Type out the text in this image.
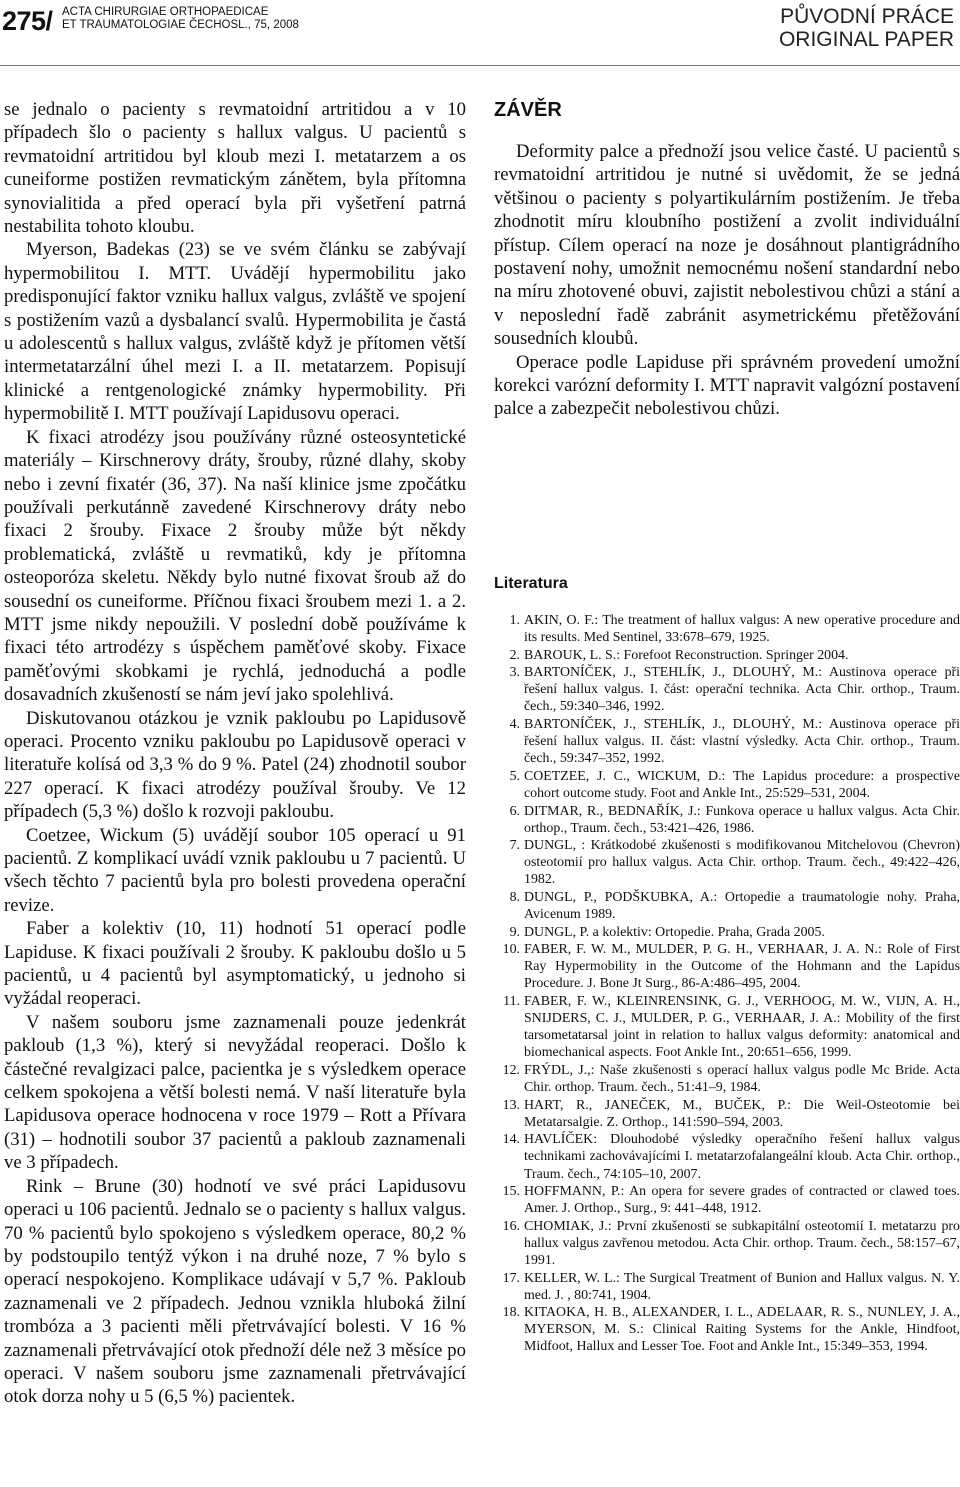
275/ ACTA CHIRURGIAE ORTHOPAEDICAE
ET TRAUMATOLOGIAE ČECHOSL., 75, 2008	PŮVODNÍ PRÁCE
ORIGINAL PAPER

se jednalo o pacienty s revmatoidní artritidou a v 10 případech šlo o pacienty s hallux valgus. U pacientů s revmatoidní artritidou byl kloub mezi I. metatarzem a os cuneiforme postižen revmatickým zánětem, byla přítomna synovialitida a před operací byla při vyšetření patrná nestabilita tohoto kloubu.

Myerson, Badekas (23) se ve svém článku se zabývají hypermobilitou I. MTT. Uvádějí hypermobilitu jako predisponující faktor vzniku hallux valgus, zvláště ve spojení s postižením vazů a dysbalancí svalů. Hypermobilita je častá u adolescentů s hallux valgus, zvláště když je přítomen větší intermetatarzální úhel mezi I. a II. metatarzem. Popisují klinické a rentgenologické známky hypermobility. Při hypermobilitě I. MTT používají Lapidusovu operaci.

K fixaci atrodézy jsou používány různé osteosyntetické materiály – Kirschnerovy dráty, šrouby, různé dlahy, skoby nebo i zevní fixatér (36, 37). Na naší klinice jsme zpočátku používali perkutánně zavedené Kirschnerovy dráty nebo fixaci 2 šrouby. Fixace 2 šrouby může být někdy problematická, zvláště u revmatiků, kdy je přítomna osteoporóza skeletu. Někdy bylo nutné fixovat šroub až do sousední os cuneiforme. Příčnou fixaci šroubem mezi 1. a 2. MTT jsme nikdy nepoužili. V poslední době používáme k fixaci této artrodézy s úspěchem paměťové skoby. Fixace paměťovými skobkami je rychlá, jednoduchá a podle dosavadních zkušeností se nám jeví jako spolehlivá.

Diskutovanou otázkou je vznik pakloubu po Lapidusově operaci. Procento vzniku pakloubu po Lapidusově operaci v literatuře kolísá od 3,3 % do 9 %. Patel (24) zhodnotil soubor 227 operací. K fixaci atrodézy používal šrouby. Ve 12 případech (5,3 %) došlo k rozvoji pakloubu.

Coetzee, Wickum (5) uvádějí soubor 105 operací u 91 pacientů. Z komplikací uvádí vznik pakloubu u 7 pacientů. U všech těchto 7 pacientů byla pro bolesti provedena operační revize.

Faber a kolektiv (10, 11) hodnotí 51 operací podle Lapiduse. K fixaci používali 2 šrouby. K pakloubu došlo u 5 pacientů, u 4 pacientů byl asymptomatický, u jednoho si vyžádal reoperaci.

V našem souboru jsme zaznamenali pouze jedenkrát pakloub (1,3 %), který si nevyžádal reoperaci. Došlo k částečné revalgizaci palce, pacientka je s výsledkem operace celkem spokojena a větší bolesti nemá. V naší literatuře byla Lapidusova operace hodnocena v roce 1979 – Rott a Přívara (31) – hodnotili soubor 37 pacientů a pakloub zaznamenali ve 3 případech.

Rink – Brune (30) hodnotí ve své práci Lapidusovu operaci u 106 pacientů. Jednalo se o pacienty s hallux valgus. 70 % pacientů bylo spokojeno s výsledkem operace, 80,2 % by podstoupilo tentýž výkon i na druhé noze, 7 % bylo s operací nespokojeno. Komplikace udávají v 5,7 %. Pakloub zaznamenali ve 2 případech. Jednou vznikla hluboká žilní trombóza a 3 pacienti měli přetrvávající bolesti. V 16 % zaznamenali přetrvávající otok přednoží déle než 3 měsíce po operaci. V našem souboru jsme zaznamenali přetrvávající otok dorza nohy u 5 (6,5 %) pacientek.

ZÁVĚR

Deformity palce a přednoží jsou velice časté. U pacientů s revmatoidní artritidou je nutné si uvědomit, že se jedná většinou o pacienty s polyartikulárním postižením. Je třeba zhodnotit míru kloubního postižení a zvolit individuální přístup. Cílem operací na noze je dosáhnout plantigrádního postavení nohy, umožnit nemocnému nošení standardní nebo na míru zhotovené obuvi, zajistit nebolestivou chůzi a stání a v neposlední řadě zabránit asymetrickému přetěžování sousedních kloubů.

Operace podle Lapiduse při správném provedení umožní korekci varózní deformity I. MTT napravit valgózní postavení palce a zabezpečit nebolestivou chůzi.

Literatura
1. AKIN, O. F.: The treatment of hallux valgus: A new operative procedure and its results. Med Sentinel, 33:678–679, 1925.
2. BAROUK, L. S.: Forefoot Reconstruction. Springer 2004.
3. BARTONÍČEK, J., STEHLÍK, J., DLOUHÝ, M.: Austinova operace při řešení hallux valgus. I. část: operační technika. Acta Chir. orthop., Traum. čech., 59:340–346, 1992.
4. BARTONÍČEK, J., STEHLÍK, J., DLOUHÝ, M.: Austinova operace při řešení hallux valgus. II. část: vlastní výsledky. Acta Chir. orthop., Traum. čech., 59:347–352, 1992.
5. COETZEE, J. C., WICKUM, D.: The Lapidus procedure: a prospective cohort outcome study. Foot and Ankle Int., 25:529–531, 2004.
6. DITMAR, R., BEDNAŘÍK, J.: Funkova operace u hallux valgus. Acta Chir. orthop., Traum. čech., 53:421–426, 1986.
7. DUNGL, : Krátkodobé zkušenosti s modifikovanou Mitchelovou (Chevron) osteotomií pro hallux valgus. Acta Chir. orthop. Traum. čech., 49:422–426, 1982.
8. DUNGL, P., PODŠKUBKA, A.: Ortopedie a traumatologie nohy. Praha, Avicenum 1989.
9. DUNGL, P. a kolektiv: Ortopedie. Praha, Grada 2005.
10. FABER, F. W. M., MULDER, P. G. H., VERHAAR, J. A. N.: Role of First Ray Hypermobility in the Outcome of the Hohmann and the Lapidus Procedure. J. Bone Jt Surg., 86-A:486–495, 2004.
11. FABER, F. W., KLEINRENSINK, G. J., VERHOOG, M. W., VIJN, A. H., SNIJDERS, C. J., MULDER, P. G., VERHAAR, J. A.: Mobility of the first tarsometatarsal joint in relation to hallux valgus deformity: anatomical and biomechanical aspects. Foot Ankle Int., 20:651–656, 1999.
12. FRÝDL, J.,: Naše zkušenosti s operací hallux valgus podle Mc Bride. Acta Chir. orthop. Traum. čech., 51:41–9, 1984.
13. HART, R., JANEČEK, M., BUČEK, P.: Die Weil-Osteotomie bei Metatarsalgie. Z. Orthop., 141:590–594, 2003.
14. HAVLÍČEK: Dlouhodobé výsledky operačního řešení hallux valgus technikami zachovávajícími I. metatarzofalangeální kloub. Acta Chir. orthop., Traum. čech., 74:105–10, 2007.
15. HOFFMANN, P.: An opera for severe grades of contracted or clawed toes. Amer. J. Orthop., Surg., 9: 441–448, 1912.
16. CHOMIAK, J.: První zkušenosti se subkapitální osteotomií I. metatarzu pro hallux valgus zavřenou metodou. Acta Chir. orthop. Traum. čech., 58:157–67, 1991.
17. KELLER, W. L.: The Surgical Treatment of Bunion and Hallux valgus. N. Y. med. J. , 80:741, 1904.
18. KITAOKA, H. B., ALEXANDER, I. L., ADELAAR, R. S., NUNLEY, J. A., MYERSON, M. S.: Clinical Raiting Systems for the Ankle, Hindfoot, Midfoot, Hallux and Lesser Toe. Foot and Ankle Int., 15:349–353, 1994.
